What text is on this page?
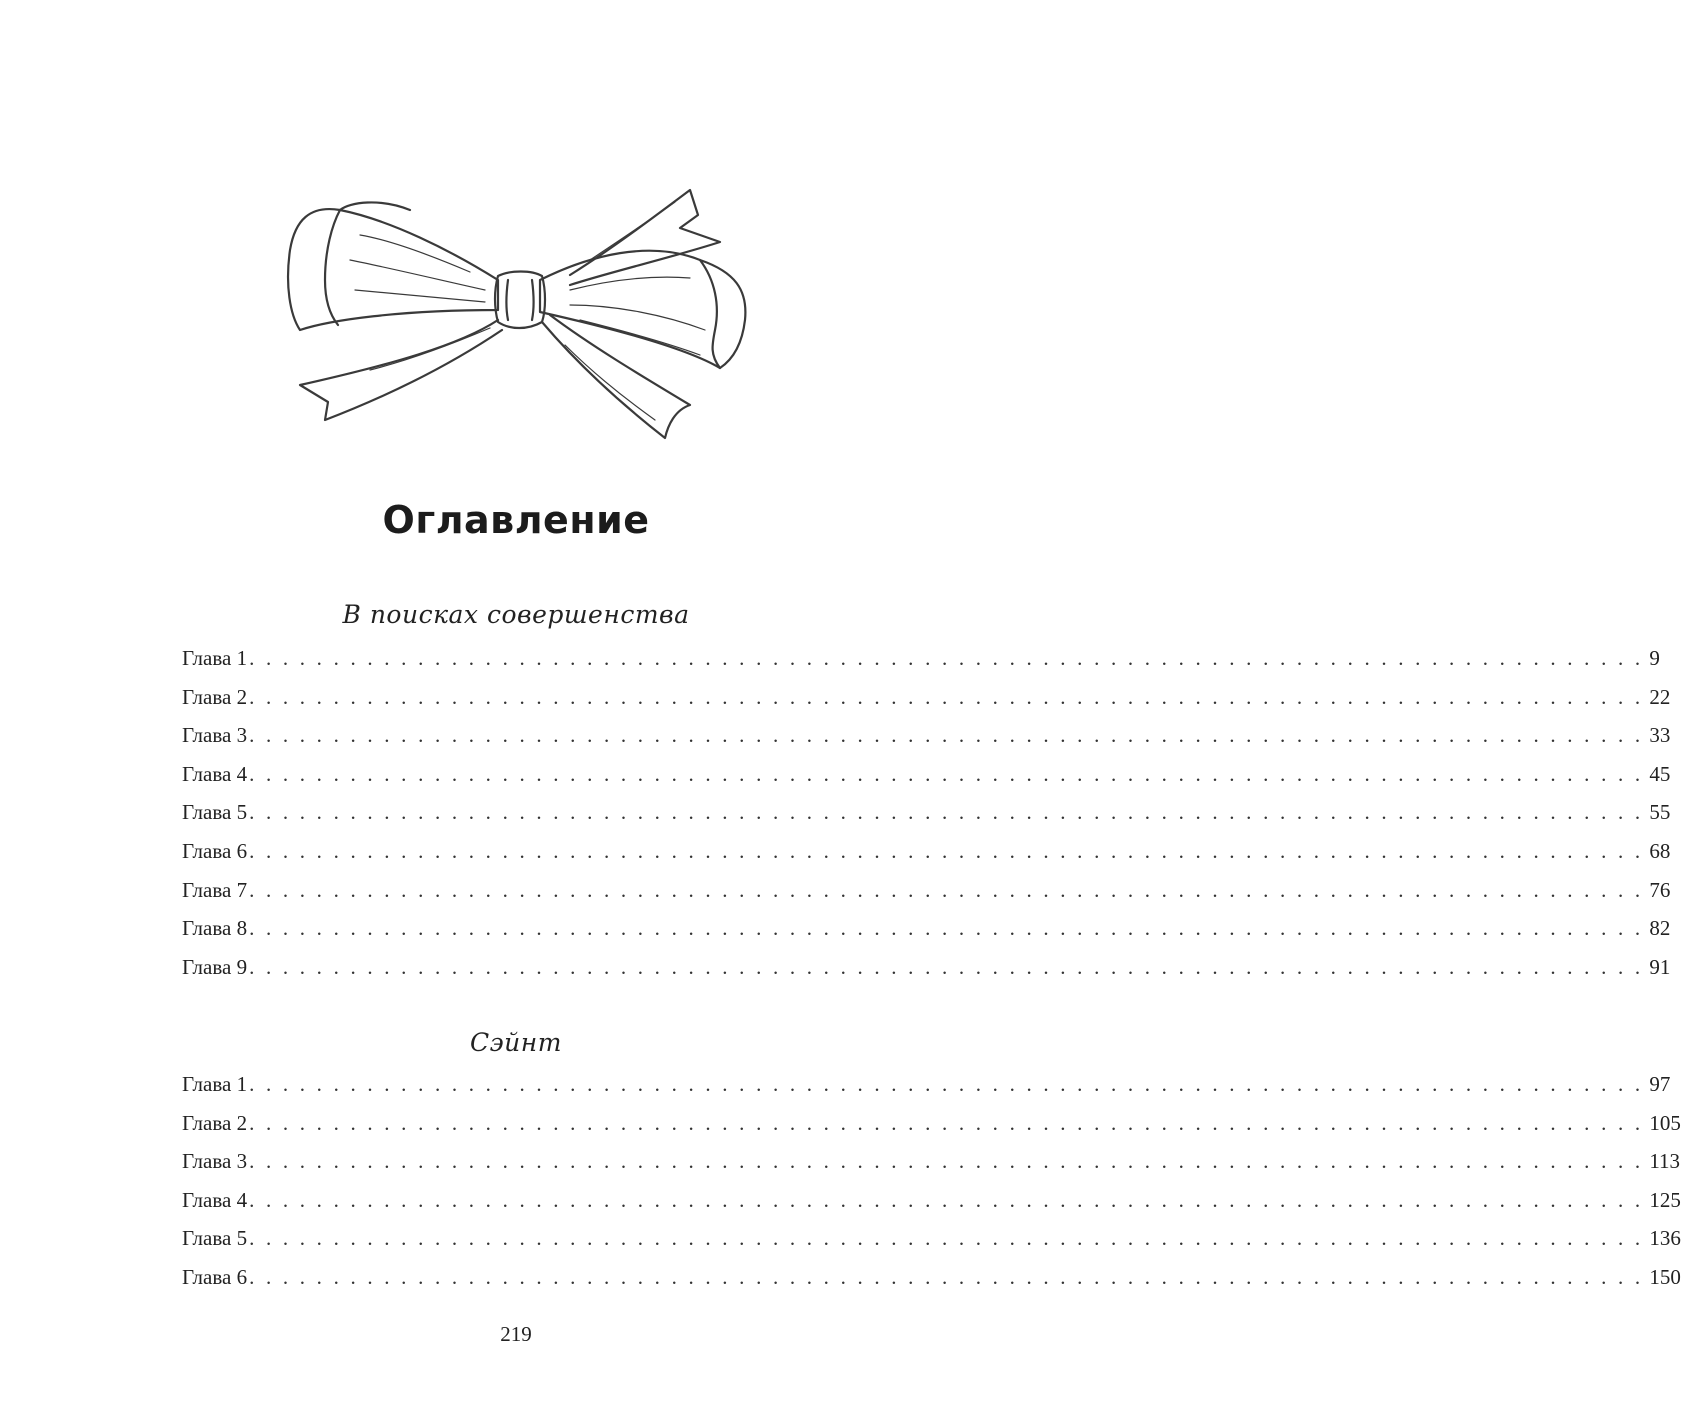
Оглавление
В поисках совершенства
Глава 1 . . . . . . . . . . . . . . . . . . . . . . . . . . . . . . . . . . . . . . . . . . . . . . . . . . . . . . . . . . . . . . . . . . . . . . . . . . . . . . . . . . . 9
Глава 2 . . . . . . . . . . . . . . . . . . . . . . . . . . . . . . . . . . . . . . . . . . . . . . . . . . . . . . . . . . . . . . . . . . . . . . . . . . . . . . . . . . . 22
Глава 3 . . . . . . . . . . . . . . . . . . . . . . . . . . . . . . . . . . . . . . . . . . . . . . . . . . . . . . . . . . . . . . . . . . . . . . . . . . . . . . . . . . . 33
Глава 4 . . . . . . . . . . . . . . . . . . . . . . . . . . . . . . . . . . . . . . . . . . . . . . . . . . . . . . . . . . . . . . . . . . . . . . . . . . . . . . . . . . . 45
Глава 5 . . . . . . . . . . . . . . . . . . . . . . . . . . . . . . . . . . . . . . . . . . . . . . . . . . . . . . . . . . . . . . . . . . . . . . . . . . . . . . . . . . . 55
Глава 6 . . . . . . . . . . . . . . . . . . . . . . . . . . . . . . . . . . . . . . . . . . . . . . . . . . . . . . . . . . . . . . . . . . . . . . . . . . . . . . . . . . . 68
Глава 7 . . . . . . . . . . . . . . . . . . . . . . . . . . . . . . . . . . . . . . . . . . . . . . . . . . . . . . . . . . . . . . . . . . . . . . . . . . . . . . . . . . . 76
Глава 8 . . . . . . . . . . . . . . . . . . . . . . . . . . . . . . . . . . . . . . . . . . . . . . . . . . . . . . . . . . . . . . . . . . . . . . . . . . . . . . . . . . . 82
Глава 9 . . . . . . . . . . . . . . . . . . . . . . . . . . . . . . . . . . . . . . . . . . . . . . . . . . . . . . . . . . . . . . . . . . . . . . . . . . . . . . . . . . . 91
Сэйнт
Глава 1 . . . . . . . . . . . . . . . . . . . . . . . . . . . . . . . . . . . . . . . . . . . . . . . . . . . . . . . . . . . . . . . . . . . . . . . . . . . . . . . . . . . 97
Глава 2 . . . . . . . . . . . . . . . . . . . . . . . . . . . . . . . . . . . . . . . . . . . . . . . . . . . . . . . . . . . . . . . . . . . . . . . . . . . . . . . . . . . 105
Глава 3 . . . . . . . . . . . . . . . . . . . . . . . . . . . . . . . . . . . . . . . . . . . . . . . . . . . . . . . . . . . . . . . . . . . . . . . . . . . . . . . . . . . 113
Глава 4 . . . . . . . . . . . . . . . . . . . . . . . . . . . . . . . . . . . . . . . . . . . . . . . . . . . . . . . . . . . . . . . . . . . . . . . . . . . . . . . . . . . 125
Глава 5 . . . . . . . . . . . . . . . . . . . . . . . . . . . . . . . . . . . . . . . . . . . . . . . . . . . . . . . . . . . . . . . . . . . . . . . . . . . . . . . . . . . 136
Глава 6 . . . . . . . . . . . . . . . . . . . . . . . . . . . . . . . . . . . . . . . . . . . . . . . . . . . . . . . . . . . . . . . . . . . . . . . . . . . . . . . . . . . 150
219
